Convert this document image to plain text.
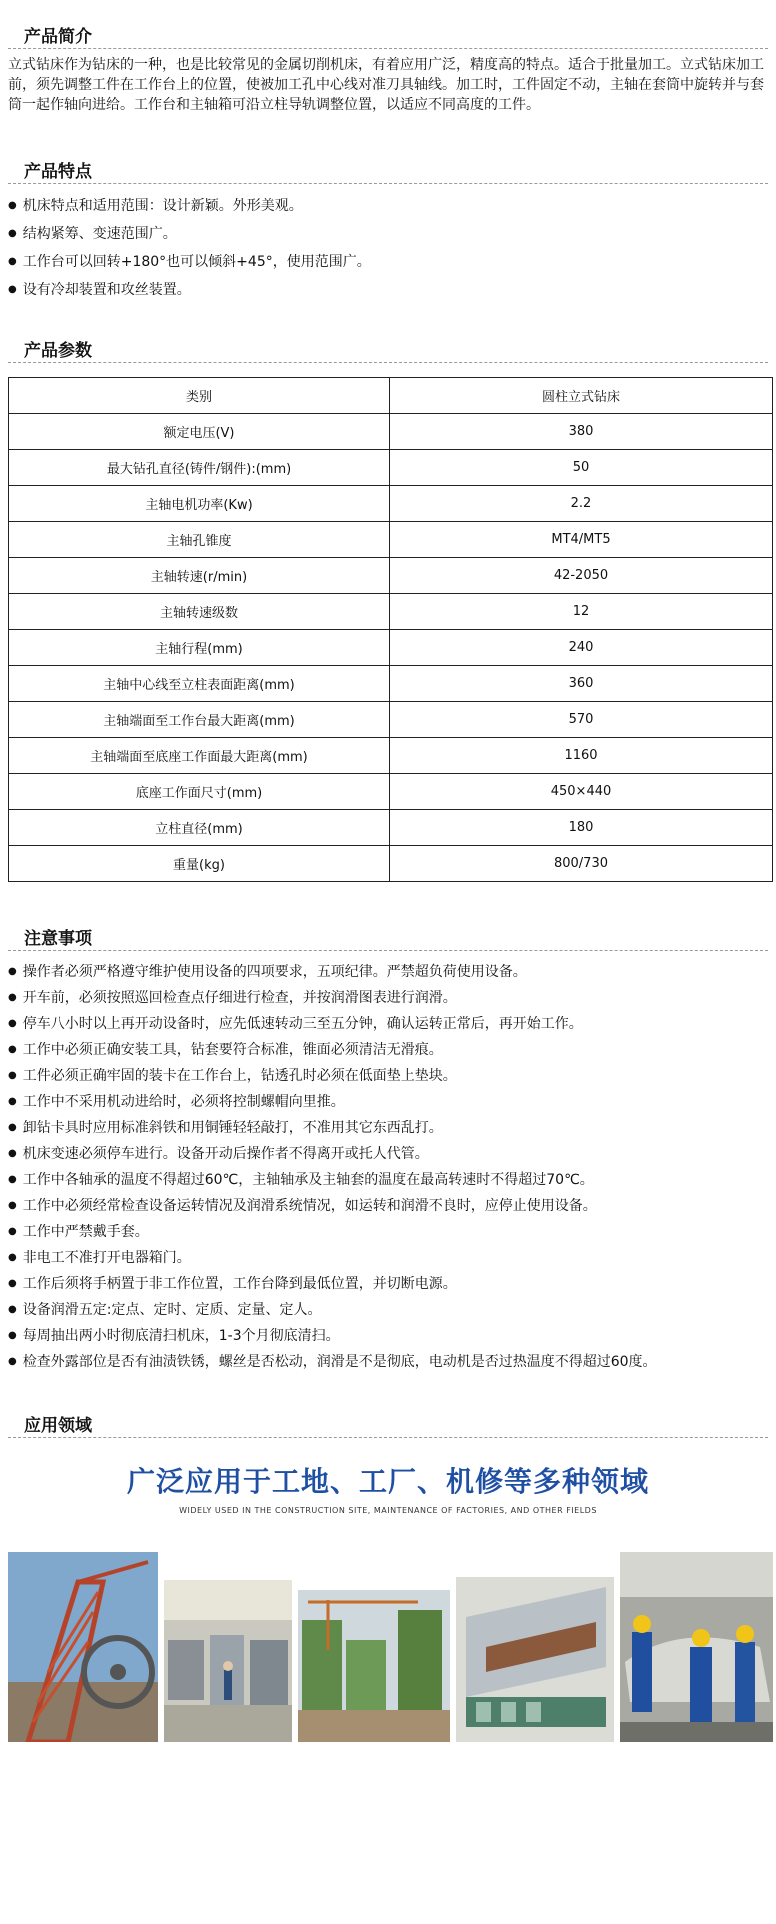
产品简介

立式钻床作为钻床的一种，也是比较常见的金属切削机床，有着应用广泛，精度高的特点。适合于批量加工。立式钻床加工前，须先调整工件在工作台上的位置，使被加工孔中心线对准刀具轴线。加工时，工件固定不动，主轴在套筒中旋转并与套筒一起作轴向进给。工作台和主轴箱可沿立柱导轨调整位置，以适应不同高度的工件。

产品特点
● 机床特点和适用范围：设计新颖。外形美观。
● 结构紧筹、变速范围广。
● 工作台可以回转+180°也可以倾斜+45°，使用范围广。
● 设有冷却装置和攻丝装置。
产品参数
类别	圆柱立式钻床
额定电压(V)	380
最大钻孔直径(铸件/钢件):(mm)	50
主轴电机功率(Kw)	2.2
主轴孔锥度	MT4/MT5
主轴转速(r/min)	42-2050
主轴转速级数	12
主轴行程(mm)	240
主轴中心线至立柱表面距离(mm)	360
主轴端面至工作台最大距离(mm)	570
主轴端面至底座工作面最大距离(mm)	1160
底座工作面尺寸(mm)	450×440
立柱直径(mm)	180
重量(kg)	800/730
注意事项
● 操作者必须严格遵守维护使用设备的四项要求，五项纪律。严禁超负荷使用设备。
● 开车前，必须按照巡回检查点仔细进行检查，并按润滑图表进行润滑。
● 停车八小时以上再开动设备时，应先低速转动三至五分钟，确认运转正常后，再开始工作。
● 工作中必须正确安装工具，钻套要符合标准，锥面必须清洁无滑痕。
● 工件必须正确牢固的装卡在工作台上，钻透孔时必须在低面垫上垫块。
● 工作中不采用机动进给时，必须将控制螺帽向里推。
● 卸钻卡具时应用标准斜铁和用铜锤轻轻敲打，不准用其它东西乱打。
● 机床变速必须停车进行。设备开动后操作者不得离开或托人代管。
● 工作中各轴承的温度不得超过60℃，主轴轴承及主轴套的温度在最高转速时不得超过70℃。
● 工作中必须经常检查设备运转情况及润滑系统情况，如运转和润滑不良时，应停止使用设备。
● 工作中严禁戴手套。
● 非电工不准打开电器箱门。
● 工作后须将手柄置于非工作位置，工作台降到最低位置，并切断电源。
● 设备润滑五定:定点、定时、定质、定量、定人。
● 每周抽出两小时彻底清扫机床，1-3个月彻底清扫。
● 检查外露部位是否有油渍铁锈，螺丝是否松动，润滑是不是彻底，电动机是否过热温度不得超过60度。
应用领域
广泛应用于工地、工厂、机修等多种领域
WIDELY USED IN THE CONSTRUCTION SITE, MAINTENANCE OF FACTORIES, AND OTHER FIELDS
